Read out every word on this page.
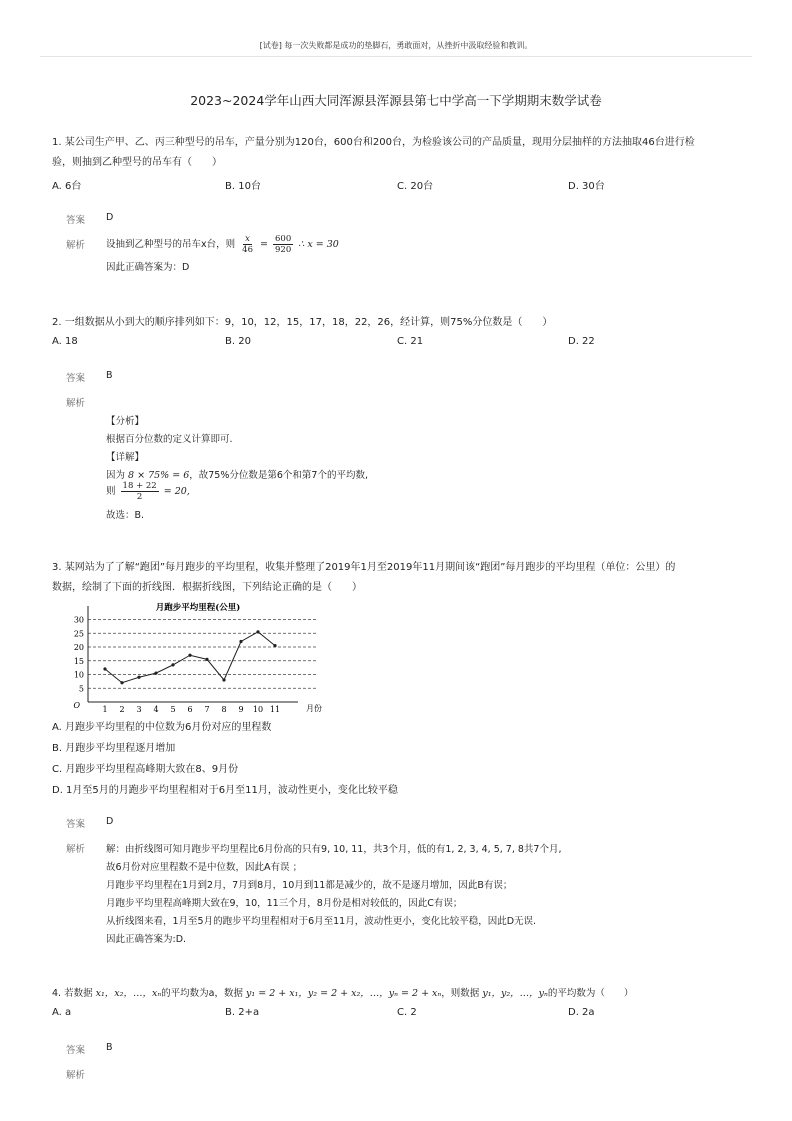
[试卷] 每一次失败都是成功的垫脚石，勇敢面对，从挫折中汲取经验和教训。
2023~2024学年山西大同浑源县浑源县第七中学高一下学期期末数学试卷
1. 某公司生产甲、乙、丙三种型号的吊车，产量分别为120台，600台和200台，为检验该公司的产品质量，现用分层抽样的方法抽取46台进行检
验，则抽到乙种型号的吊车有（　　）
A. 6台	B. 10台	C. 20台	D. 30台
答案 D
解析 设抽到乙种型号的吊车x台，则 $\frac{x}{46} = \frac{600}{920}$ ∴ x = 30
因此正确答案为：D
2. 一组数据从小到大的顺序排列如下：9，10，12，15，17，18，22，26，经计算，则75%分位数是（　　）
A. 18	B. 20	C. 21	D. 22
答案 B
解析
【分析】
根据百分位数的定义计算即可.
【详解】
因为 8 × 75% = 6，故75%分位数是第6个和第7个的平均数,
则 $\frac{18 + 22}{2} = 20$,
故选：B.
3. 某网站为了了解“跑团”每月跑步的平均里程，收集并整理了2019年1月至2019年11月期间该“跑团”每月跑步的平均里程（单位：公里）的
数据，绘制了下面的折线图．根据折线图，下列结论正确的是（　　）
O	月份
月跑步平均里程(公里)
5
10
15
20
25
30
1 2 3 4 5 6 7 8 9 10 11
A. 月跑步平均里程的中位数为6月份对应的里程数
B. 月跑步平均里程逐月增加
C. 月跑步平均里程高峰期大致在8、9月份
D. 1月至5月的月跑步平均里程相对于6月至11月，波动性更小，变化比较平稳
答案 D
解析 解：由折线图可知月跑步平均里程比6月份高的只有9, 10, 11，共3个月，低的有1, 2, 3, 4, 5, 7, 8共7个月,
故6月份对应里程数不是中位数，因此A有误 ；
月跑步平均里程在1月到2月，7月到8月，10月到11都是减少的，故不是逐月增加，因此B有误；
月跑步平均里程高峰期大致在9，10，11三个月，8月份是相对较低的，因此C有误；
从折线图来看，1月至5月的跑步平均里程相对于6月至11月，波动性更小，变化比较平稳，因此D无误.
因此正确答案为:D.
4. 若数据 x₁，x₂，…，xₙ的平均数为a，数据 y₁ = 2 + x₁，y₂ = 2 + x₂，…，yₙ = 2 + xₙ，则数据 y₁，y₂，…，yₙ的平均数为（　　）
A. a	B. 2+a	C. 2	D. 2a
答案 B
解析
